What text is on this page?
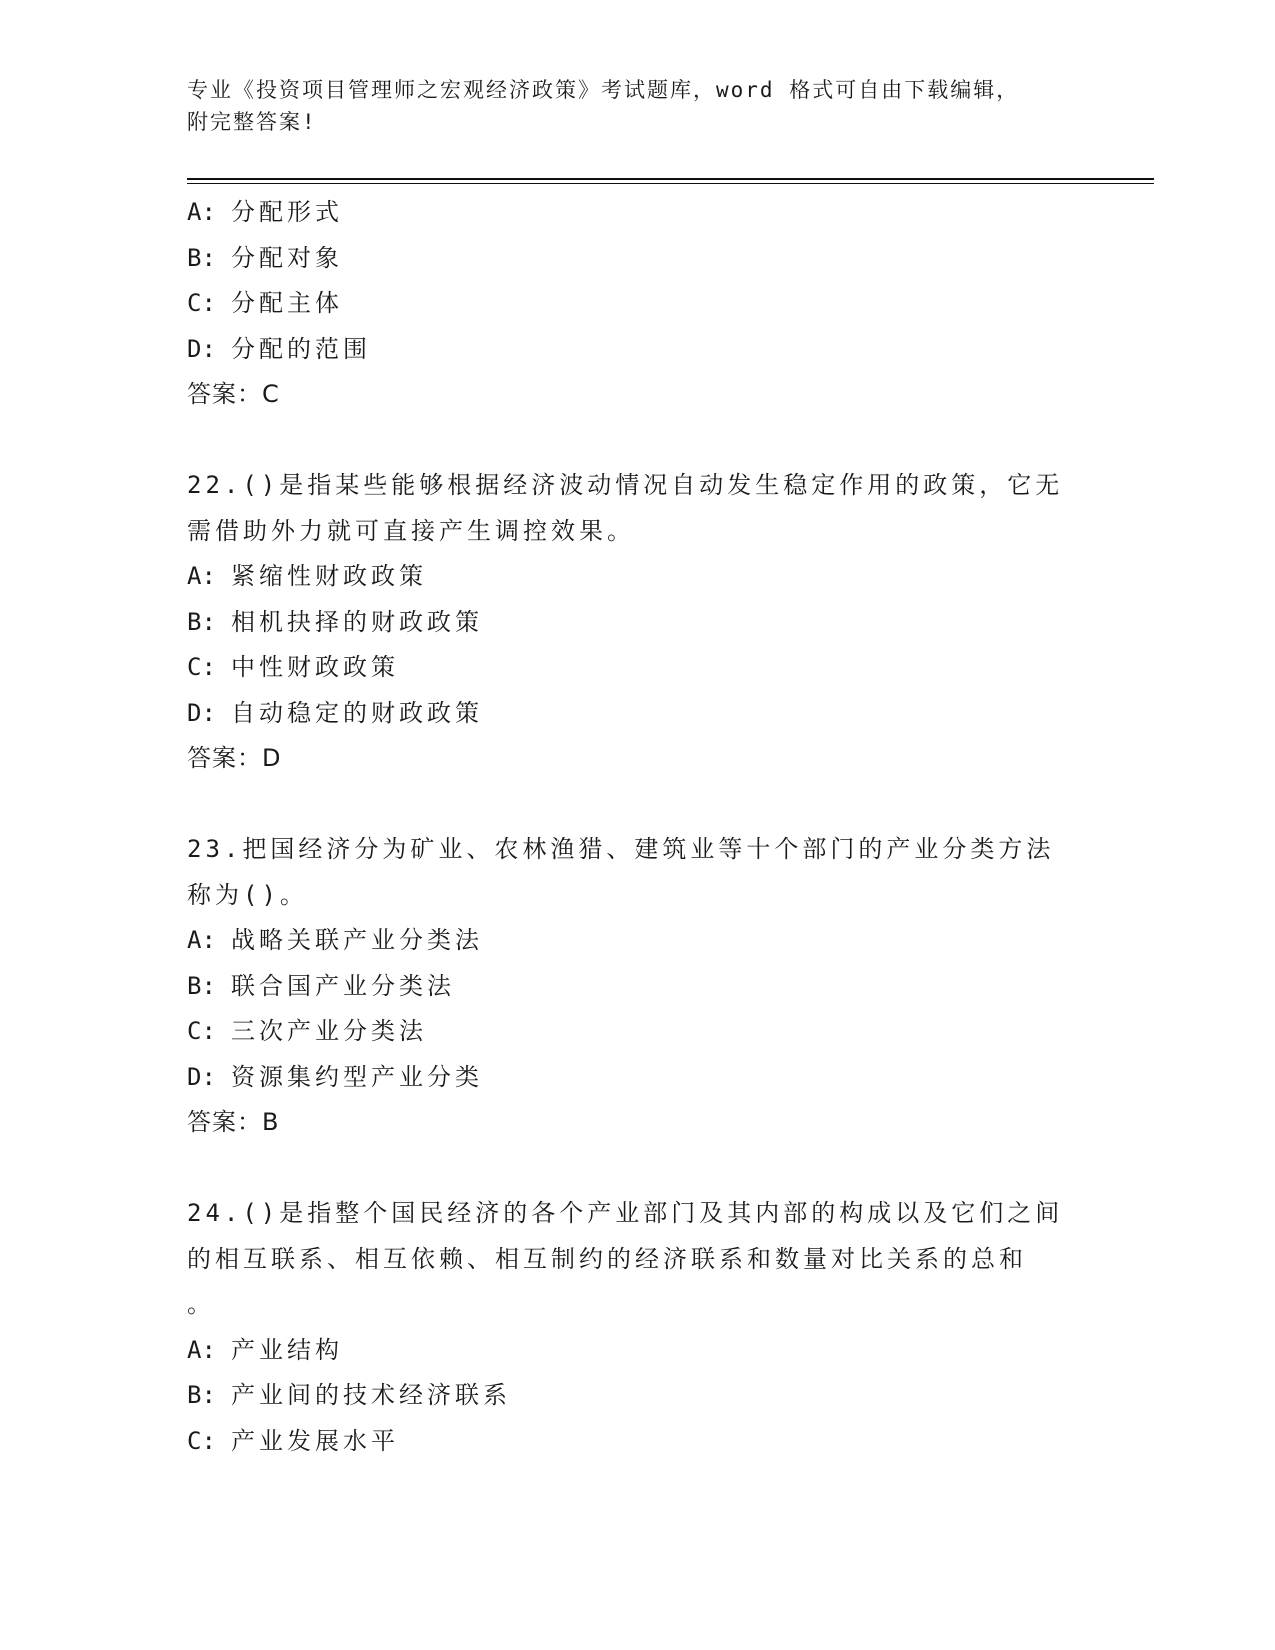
专业《投资项目管理师之宏观经济政策》考试题库，word 格式可自由下载编辑，
附完整答案!
A: 分配形式
B: 分配对象
C: 分配主体
D: 分配的范围
答案：C
22.()是指某些能够根据经济波动情况自动发生稳定作用的政策，它无
需借助外力就可直接产生调控效果。
A: 紧缩性财政政策
B: 相机抉择的财政政策
C: 中性财政政策
D: 自动稳定的财政政策
答案：D
23.把国经济分为矿业、农林渔猎、建筑业等十个部门的产业分类方法
称为()。
A: 战略关联产业分类法
B: 联合国产业分类法
C: 三次产业分类法
D: 资源集约型产业分类
答案：B
24.()是指整个国民经济的各个产业部门及其内部的构成以及它们之间
的相互联系、相互依赖、相互制约的经济联系和数量对比关系的总和
。
A: 产业结构
B: 产业间的技术经济联系
C: 产业发展水平
